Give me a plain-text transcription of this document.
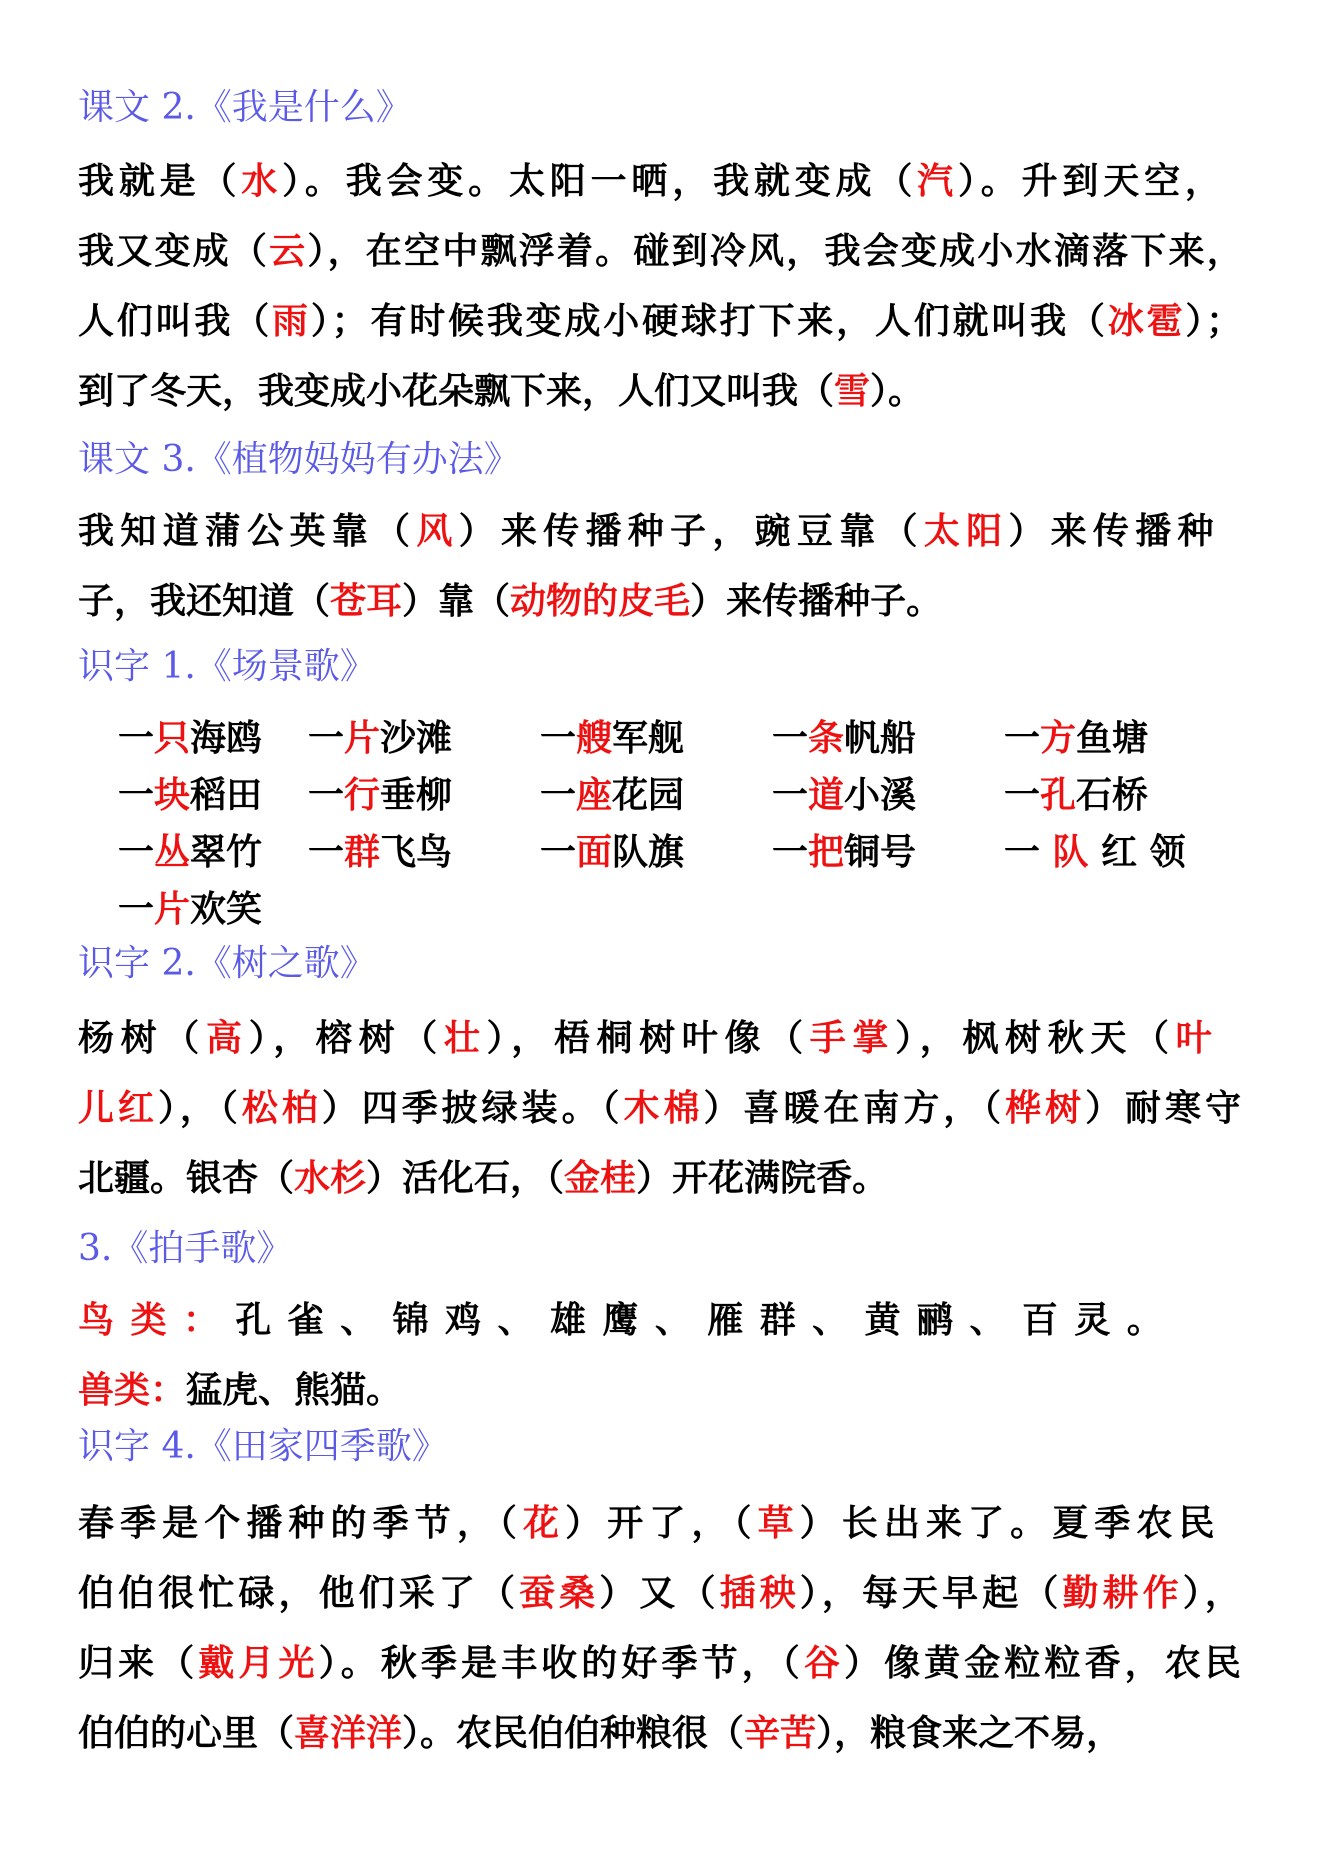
课文 2.《我是什么》
我就是（水）。我会变。太阳一晒，我就变成（汽）。升到天空，
我又变成（云），在空中飘浮着。碰到冷风，我会变成小水滴落下来，
人们叫我（雨）；有时候我变成小硬球打下来，人们就叫我（冰雹）；
到了冬天，我变成小花朵飘下来，人们又叫我（雪）。
课文 3.《植物妈妈有办法》
我知道蒲公英靠（风）来传播种子，豌豆靠（太阳）来传播种
子，我还知道（苍耳）靠（动物的皮毛）来传播种子。
识字 1.《场景歌》
一只海鸥 一片沙滩 一艘军舰 一条帆船 一方鱼塘
一块稻田 一行垂柳 一座花园 一道小溪 一孔石桥
一丛翠竹 一群飞鸟 一面队旗 一把铜号 一 队 红 领
一片欢笑
识字 2.《树之歌》
杨树（高），榕树（壮），梧桐树叶像（手掌），枫树秋天（叶
儿红），（松柏）四季披绿装。（木棉）喜暖在南方，（桦树）耐寒守
北疆。银杏（水杉）活化石，（金桂）开花满院香。
3.《拍手歌》
鸟类：孔雀、锦鸡、雄鹰、雁群、黄鹂、百灵。
兽类：猛虎、熊猫。
识字 4.《田家四季歌》
春季是个播种的季节，（花）开了，（草）长出来了。夏季农民
伯伯很忙碌，他们采了（蚕桑）又（插秧），每天早起（勤耕作），
归来（戴月光）。秋季是丰收的好季节，（谷）像黄金粒粒香，农民
伯伯的心里（喜洋洋）。农民伯伯种粮很（辛苦），粮食来之不易，
